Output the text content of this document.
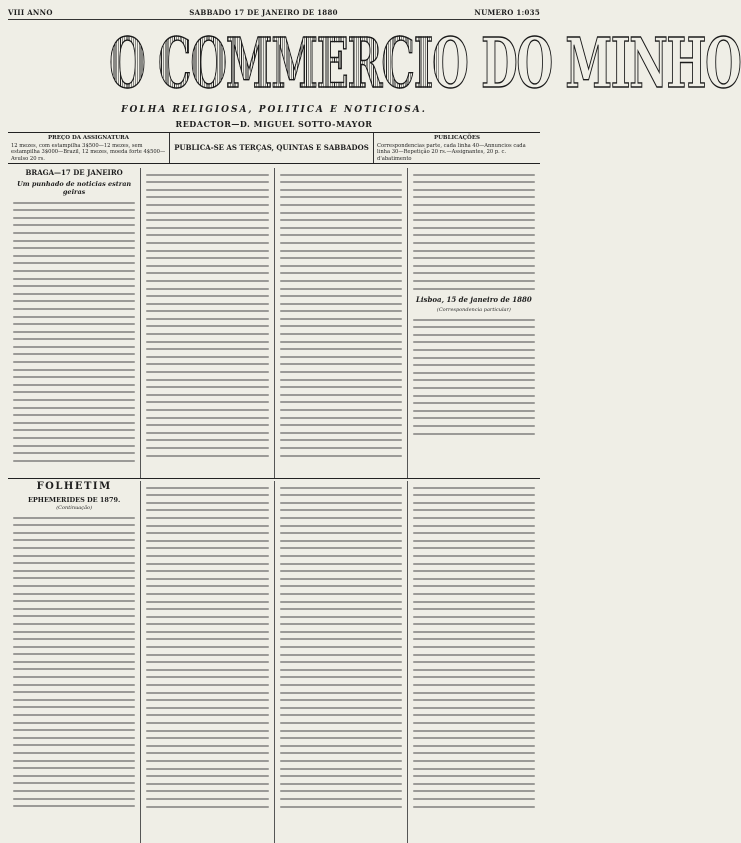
VIII ANNO	SABBADO 17 DE JANEIRO DE 1880	NUMERO 1:035
O COMMERCIO DO MINHO
FOLHA RELIGIOSA, POLITICA E NOTICIOSA.
REDACTOR—D. MIGUEL SOTTO-MAYOR
PREÇO DA ASSIGNATURA
12 mezes, com estampilha 3$500—12 mezes, sem estampilha 3$000—Brazil, 12 mezes, moeda forte 4$500—Avulso 20 rs.
PUBLICA-SE AS TERÇAS, QUINTAS E SABBADOS
PUBLICAÇÕES
Correspondencias parte, cada linha 40—Annuncios cada linha 30—Repetição 20 rs.—Assignantes, 20 p. c. d'abatimento
BRAGA—17 DE JANEIRO
Um punhado de noticias estran geiras
Lisboa, 15 de janeiro de 1880
(Correspondencia particular)
FOLHETIM
EPHEMERIDES DE 1879.
(Continuação)
